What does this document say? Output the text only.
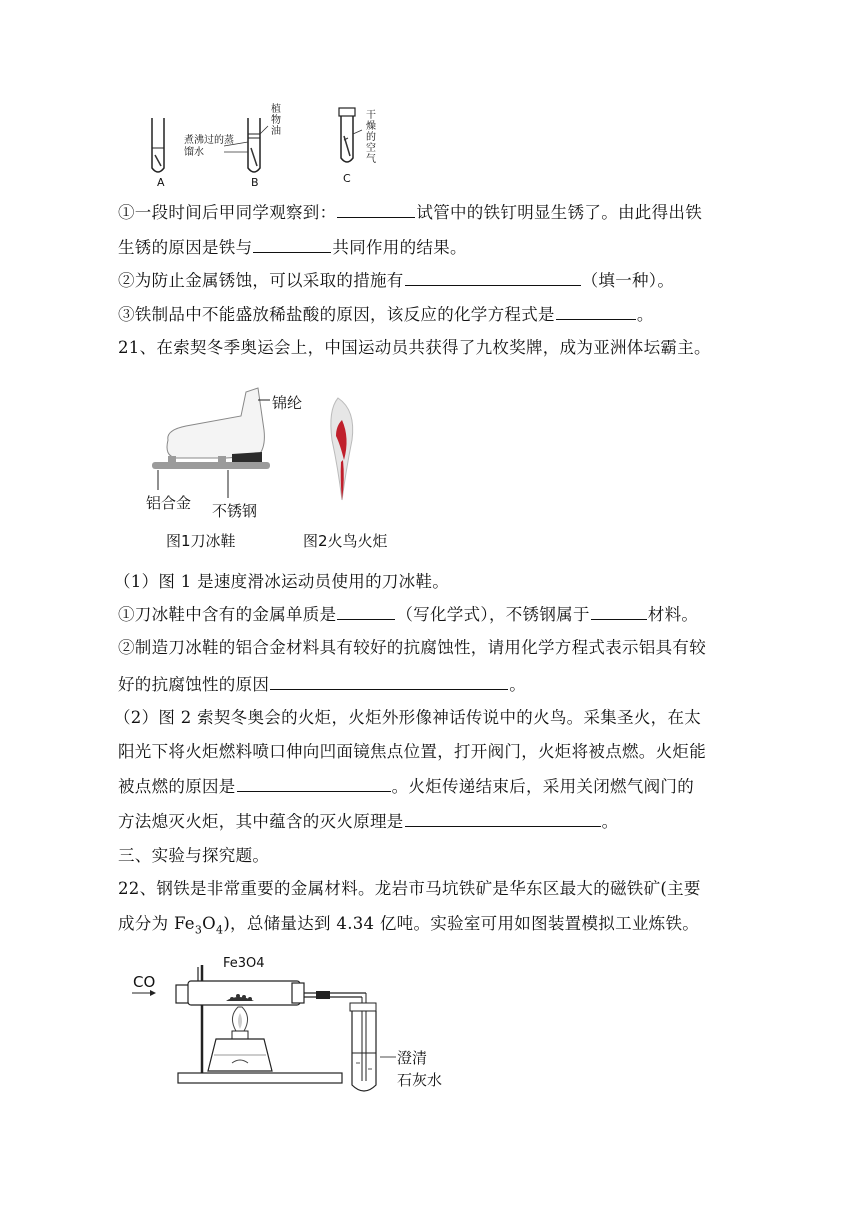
A	B	C
煮沸过的蒸馏水
植物油
干燥的空气
①一段时间后甲同学观察到：	试管中的铁钉明显生锈了。由此得出铁
生锈的原因是铁与	共同作用的结果。
②为防止金属锈蚀，可以采取的措施有	（填一种）。
③铁制品中不能盛放稀盐酸的原因，该反应的化学方程式是	。
21、在索契冬季奥运会上，中国运动员共获得了九枚奖牌，成为亚洲体坛霸主。
锦纶
铝合金 不锈钢
图1刀冰鞋	图2火鸟火炬
（1）图 1 是速度滑冰运动员使用的刀冰鞋。
①刀冰鞋中含有的金属单质是	（写化学式），不锈钢属于	材料。
②制造刀冰鞋的铝合金材料具有较好的抗腐蚀性，请用化学方程式表示铝具有较
好的抗腐蚀性的原因	。
（2）图 2 索契冬奥会的火炬，火炬外形像神话传说中的火鸟。采集圣火，在太
阳光下将火炬燃料喷口伸向凹面镜焦点位置，打开阀门，火炬将被点燃。火炬能
被点燃的原因是	。火炬传递结束后，采用关闭燃气阀门的
方法熄灭火炬，其中蕴含的灭火原理是	。
三、实验与探究题。
22、钢铁是非常重要的金属材料。龙岩市马坑铁矿是华东区最大的磁铁矿(主要
成分为 $Fe_3O_4$)，总储量达到 4.34 亿吨。实验室可用如图装置模拟工业炼铁。
CO
Fe3O4
澄清
石灰水
